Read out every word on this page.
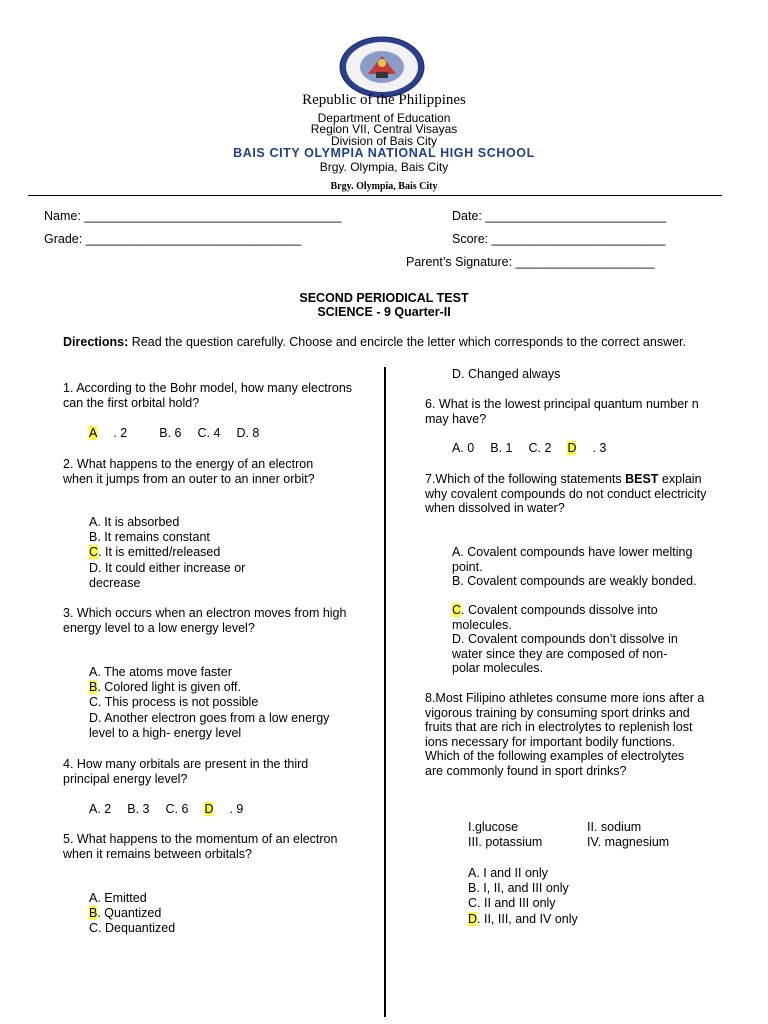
Republic of the Philippines
Department of Education
Region VII, Central Visayas
Division of Bais City
BAIS CITY OLYMPIA NATIONAL HIGH SCHOOL
Brgy. Olympia, Bais City
Brgy. Olympia, Bais City
Name: _____________________________________	Date: __________________________
Grade: _______________________________	Score: _________________________
Parent’s Signature: ____________________
SECOND PERIODICAL TEST
SCIENCE - 9 Quarter-II
Directions: Read the question carefully. Choose and encircle the letter which corresponds to the correct answer.
1. According to the Bohr model, how many electrons can the first orbital hold?
A . 2	B. 6 C. 4 D. 8
2. What happens to the energy of an electron when it jumps from an outer to an inner orbit?
A. It is absorbed
B. It remains constant
C. It is emitted/released
D. It could either increase or decrease
3. Which occurs when an electron moves from high energy level to a low energy level?
A. The atoms move faster
B. Colored light is given off.
C. This process is not possible
D. Another electron goes from a low energy level to a high- energy level
4. How many orbitals are present in the third principal energy level?
A. 2 B. 3 C. 6 D . 9
5. What happens to the momentum of an electron when it remains between orbitals?
A. Emitted
B. Quantized
C. Dequantized
D. Changed always
6. What is the lowest principal quantum number n may have?
A. 0 B. 1 C. 2 D . 3
7.Which of the following statements BEST explain why covalent compounds do not conduct electricity when dissolved in water?
A. Covalent compounds have lower melting point.
B. Covalent compounds are weakly bonded.
C. Covalent compounds dissolve into molecules.
D. Covalent compounds don’t dissolve in water since they are composed of non- polar molecules.
8.Most Filipino athletes consume more ions after a vigorous training by consuming sport drinks and fruits that are rich in electrolytes to replenish lost ions necessary for important bodily functions. Which of the following examples of electrolytes are commonly found in sport drinks?
I.glucose	II. sodium
III. potassium	IV. magnesium
A. I and II only
B. I, II, and III only
C. II and III only
D. II, III, and IV only
